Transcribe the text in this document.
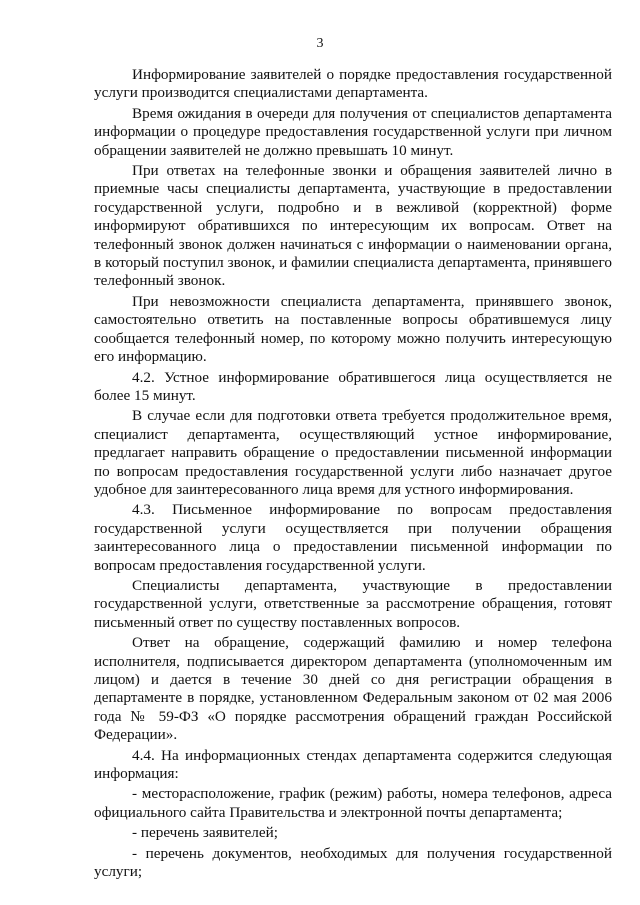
3

Информирование заявителей о порядке предоставления государственной услуги производится специалистами департамента.

Время ожидания в очереди для получения от специалистов департамента информации о процедуре предоставления государственной услуги при личном обращении заявителей не должно превышать 10 минут.

При ответах на телефонные звонки и обращения заявителей лично в приемные часы специалисты департамента, участвующие в предоставлении государственной услуги, подробно и в вежливой (корректной) форме информируют обратившихся по интересующим их вопросам. Ответ на телефонный звонок должен начинаться с информации о наименовании органа, в который поступил звонок, и фамилии специалиста департамента, принявшего телефонный звонок.

При невозможности специалиста департамента, принявшего звонок, самостоятельно ответить на поставленные вопросы обратившемуся лицу сообщается телефонный номер, по которому можно получить интересующую его информацию.

4.2. Устное информирование обратившегося лица осуществляется не более 15 минут.

В случае если для подготовки ответа требуется продолжительное время, специалист департамента, осуществляющий устное информирование, предлагает направить обращение о предоставлении письменной информации по вопросам предоставления государственной услуги либо назначает другое удобное для заинтересованного лица время для устного информирования.

4.3. Письменное информирование по вопросам предоставления государственной услуги осуществляется при получении обращения заинтересованного лица о предоставлении письменной информации по вопросам предоставления государственной услуги.

Специалисты департамента, участвующие в предоставлении государственной услуги, ответственные за рассмотрение обращения, готовят письменный ответ по существу поставленных вопросов.

Ответ на обращение, содержащий фамилию и номер телефона исполнителя, подписывается директором департамента (уполномоченным им лицом) и дается в течение 30 дней со дня регистрации обращения в департаменте в порядке, установленном Федеральным законом от 02 мая 2006 года № 59-ФЗ «О порядке рассмотрения обращений граждан Российской Федерации».

4.4. На информационных стендах департамента содержится следующая информация:

- месторасположение, график (режим) работы, номера телефонов, адреса официального сайта Правительства и электронной почты департамента;

- перечень заявителей;

- перечень документов, необходимых для получения государственной услуги;
